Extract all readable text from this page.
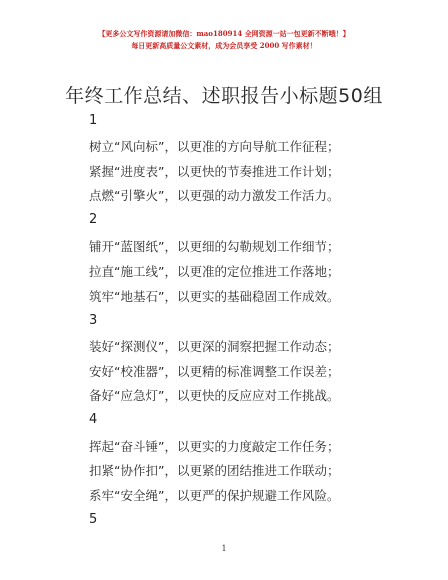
【更多公文写作资源请加微信：mao180914 全网资源一站一包更新不断哦！】
每日更新高质量公文素材，成为会员享受 2000 写作素材！
年终工作总结、述职报告小标题50组
1
树立“风向标”，以更准的方向导航工作征程；
紧握“进度表”，以更快的节奏推进工作计划；
点燃“引擎火”，以更强的动力激发工作活力。
2
铺开“蓝图纸”，以更细的勾勒规划工作细节；
拉直“施工线”，以更准的定位推进工作落地；
筑牢“地基石”，以更实的基础稳固工作成效。
3
装好“探测仪”，以更深的洞察把握工作动态；
安好“校准器”，以更精的标准调整工作误差；
备好“应急灯”，以更快的反应应对工作挑战。
4
挥起“奋斗锤”，以更实的力度敲定工作任务；
扣紧“协作扣”，以更紧的团结推进工作联动；
系牢“安全绳”，以更严的保护规避工作风险。
5
1
